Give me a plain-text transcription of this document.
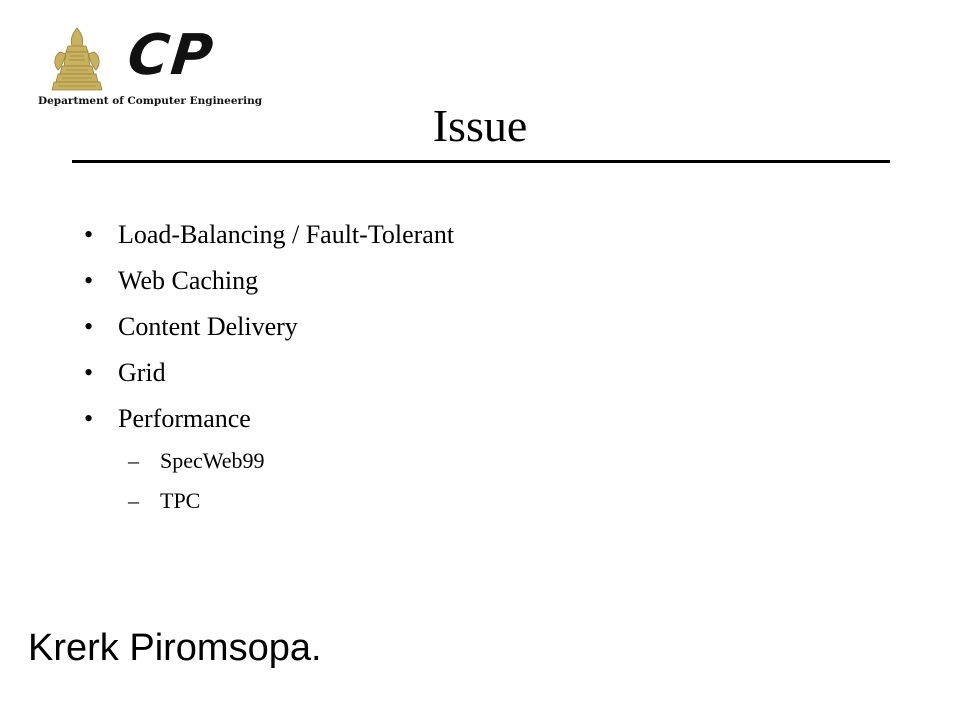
CP
Department of Computer Engineering	Issue
• Load-Balancing / Fault-Tolerant
• Web Caching
• Content Delivery
• Grid
• Performance
– SpecWeb99
– TPC
Krerk Piromsopa.
